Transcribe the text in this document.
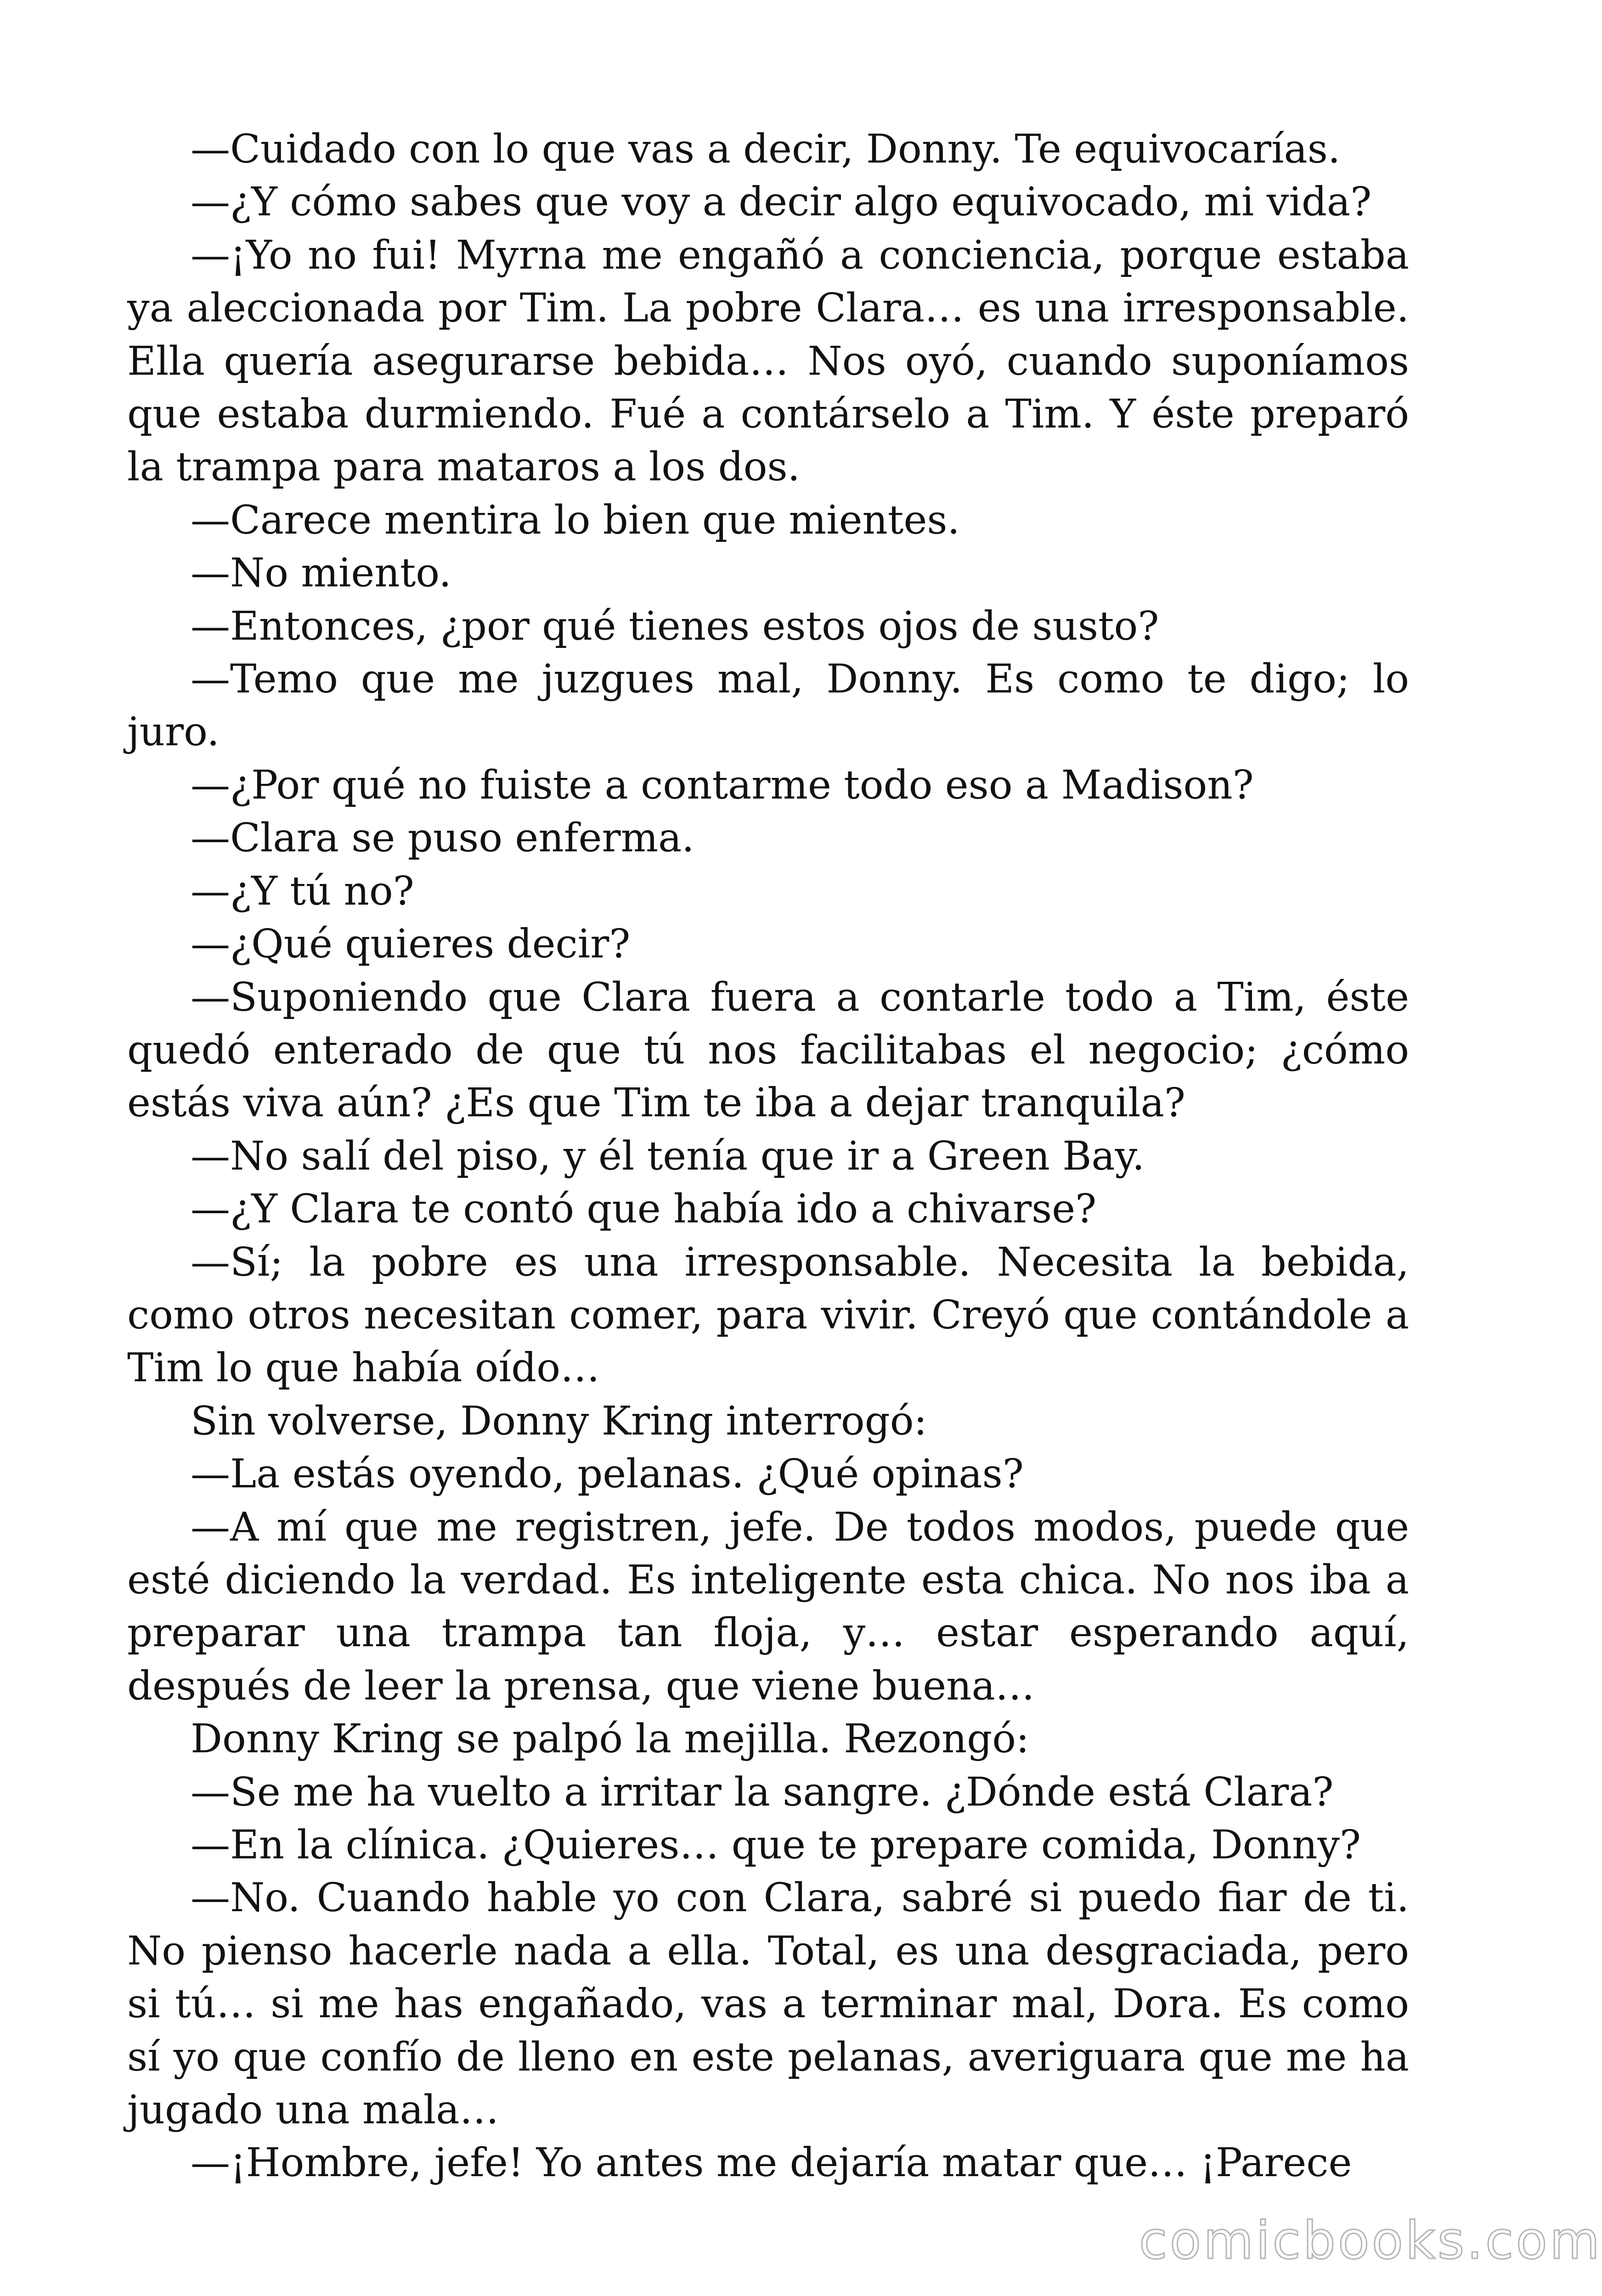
—Cuidado con lo que vas a decir, Donny. Te equivocarías.

—¿Y cómo sabes que voy a decir algo equivocado, mi vida?

—¡Yo no fui! Myrna me engañó a conciencia, porque estaba ya aleccionada por Tim. La pobre Clara… es una irresponsable. Ella quería asegurarse bebida… Nos oyó, cuando suponíamos que estaba durmiendo. Fué a contárselo a Tim. Y éste preparó la trampa para mataros a los dos.

—Carece mentira lo bien que mientes.

—No miento.

—Entonces, ¿por qué tienes estos ojos de susto?

—Temo que me juzgues mal, Donny. Es como te digo; lo juro.

—¿Por qué no fuiste a contarme todo eso a Madison?

—Clara se puso enferma.

—¿Y tú no?

—¿Qué quieres decir?

—Suponiendo que Clara fuera a contarle todo a Tim, éste quedó enterado de que tú nos facilitabas el negocio; ¿cómo estás viva aún? ¿Es que Tim te iba a dejar tranquila?

—No salí del piso, y él tenía que ir a Green Bay.

—¿Y Clara te contó que había ido a chivarse?

—Sí; la pobre es una irresponsable. Necesita la bebida, como otros necesitan comer, para vivir. Creyó que contándole a Tim lo que había oído…

Sin volverse, Donny Kring interrogó:

—La estás oyendo, pelanas. ¿Qué opinas?

—A mí que me registren, jefe. De todos modos, puede que esté diciendo la verdad. Es inteligente esta chica. No nos iba a preparar una trampa tan floja, y… estar esperando aquí, después de leer la prensa, que viene buena…

Donny Kring se palpó la mejilla. Rezongó:

—Se me ha vuelto a irritar la sangre. ¿Dónde está Clara?

—En la clínica. ¿Quieres… que te prepare comida, Donny?

—No. Cuando hable yo con Clara, sabré si puedo fiar de ti. No pienso hacerle nada a ella. Total, es una desgraciada, pero si tú… si me has engañado, vas a terminar mal, Dora. Es como sí yo que confío de lleno en este pelanas, averiguara que me ha jugado una mala…

—¡Hombre, jefe! Yo antes me dejaría matar que… ¡Parece

comicbooks.com
